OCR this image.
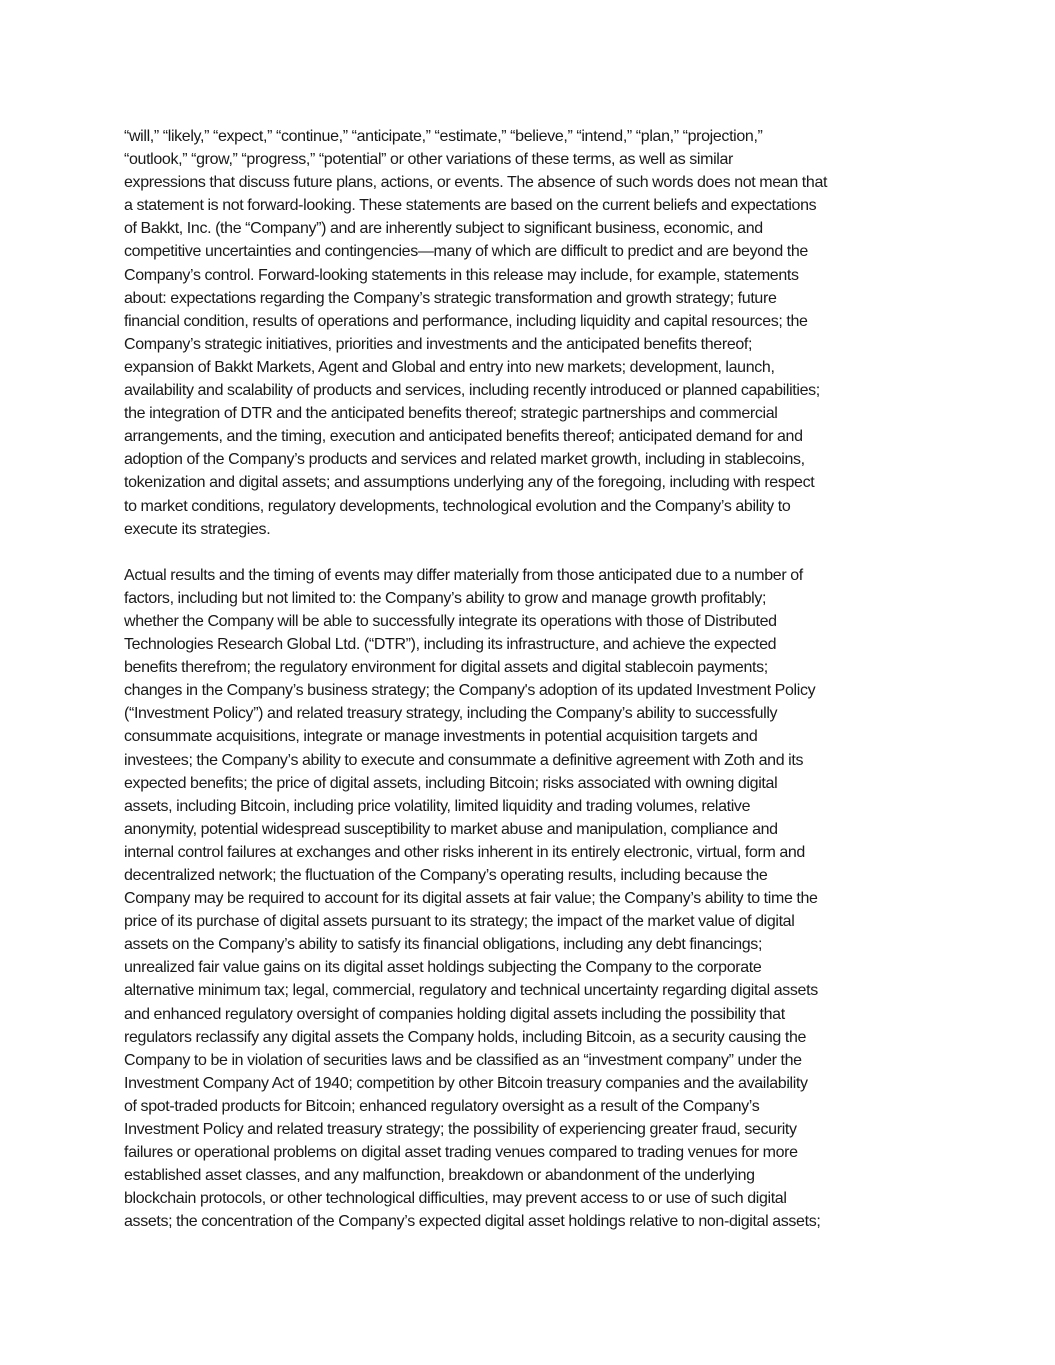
“will,” “likely,” “expect,” “continue,” “anticipate,” “estimate,” “believe,” “intend,” “plan,” “projection,”
“outlook,” “grow,” “progress,” “potential” or other variations of these terms, as well as similar
expressions that discuss future plans, actions, or events. The absence of such words does not mean that
a statement is not forward-looking. These statements are based on the current beliefs and expectations
of Bakkt, Inc. (the “Company”) and are inherently subject to significant business, economic, and
competitive uncertainties and contingencies—many of which are difficult to predict and are beyond the
Company’s control. Forward-looking statements in this release may include, for example, statements
about: expectations regarding the Company’s strategic transformation and growth strategy; future
financial condition, results of operations and performance, including liquidity and capital resources; the
Company’s strategic initiatives, priorities and investments and the anticipated benefits thereof;
expansion of Bakkt Markets, Agent and Global and entry into new markets; development, launch,
availability and scalability of products and services, including recently introduced or planned capabilities;
the integration of DTR and the anticipated benefits thereof; strategic partnerships and commercial
arrangements, and the timing, execution and anticipated benefits thereof; anticipated demand for and
adoption of the Company’s products and services and related market growth, including in stablecoins,
tokenization and digital assets; and assumptions underlying any of the foregoing, including with respect
to market conditions, regulatory developments, technological evolution and the Company’s ability to
execute its strategies.

Actual results and the timing of events may differ materially from those anticipated due to a number of
factors, including but not limited to: the Company’s ability to grow and manage growth profitably;
whether the Company will be able to successfully integrate its operations with those of Distributed
Technologies Research Global Ltd. (“DTR”), including its infrastructure, and achieve the expected
benefits therefrom; the regulatory environment for digital assets and digital stablecoin payments;
changes in the Company’s business strategy; the Company's adoption of its updated Investment Policy
(“Investment Policy”) and related treasury strategy, including the Company’s ability to successfully
consummate acquisitions, integrate or manage investments in potential acquisition targets and
investees; the Company’s ability to execute and consummate a definitive agreement with Zoth and its
expected benefits; the price of digital assets, including Bitcoin; risks associated with owning digital
assets, including Bitcoin, including price volatility, limited liquidity and trading volumes, relative
anonymity, potential widespread susceptibility to market abuse and manipulation, compliance and
internal control failures at exchanges and other risks inherent in its entirely electronic, virtual, form and
decentralized network; the fluctuation of the Company’s operating results, including because the
Company may be required to account for its digital assets at fair value; the Company’s ability to time the
price of its purchase of digital assets pursuant to its strategy; the impact of the market value of digital
assets on the Company’s ability to satisfy its financial obligations, including any debt financings;
unrealized fair value gains on its digital asset holdings subjecting the Company to the corporate
alternative minimum tax; legal, commercial, regulatory and technical uncertainty regarding digital assets
and enhanced regulatory oversight of companies holding digital assets including the possibility that
regulators reclassify any digital assets the Company holds, including Bitcoin, as a security causing the
Company to be in violation of securities laws and be classified as an “investment company” under the
Investment Company Act of 1940; competition by other Bitcoin treasury companies and the availability
of spot-traded products for Bitcoin; enhanced regulatory oversight as a result of the Company’s
Investment Policy and related treasury strategy; the possibility of experiencing greater fraud, security
failures or operational problems on digital asset trading venues compared to trading venues for more
established asset classes, and any malfunction, breakdown or abandonment of the underlying
blockchain protocols, or other technological difficulties, may prevent access to or use of such digital
assets; the concentration of the Company’s expected digital asset holdings relative to non-digital assets;
